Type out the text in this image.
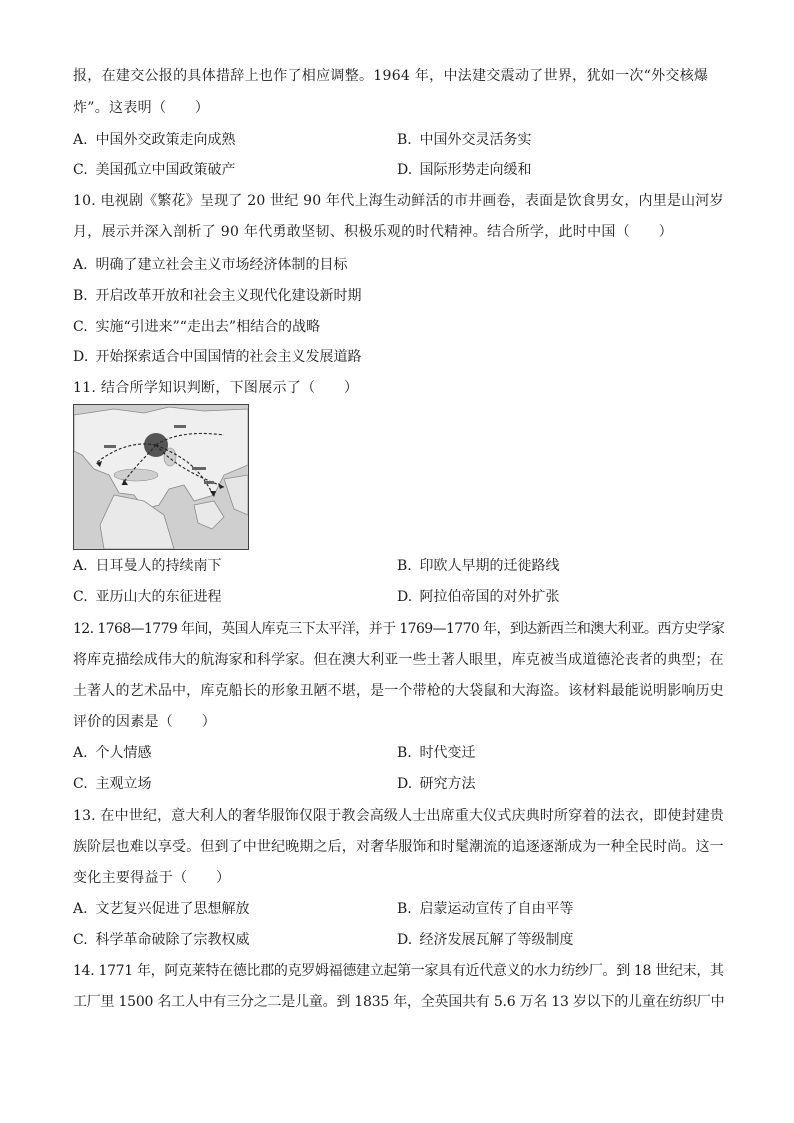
报，在建交公报的具体措辞上也作了相应调整。1964 年，中法建交震动了世界，犹如一次“外交核爆
炸”。这表明（　　）
A. 中国外交政策走向成熟	B. 中国外交灵活务实
C. 美国孤立中国政策破产	D. 国际形势走向缓和
10. 电视剧《繁花》呈现了 20 世纪 90 年代上海生动鲜活的市井画卷，表面是饮食男女，内里是山河岁
月，展示并深入剖析了 90 年代勇敢坚韧、积极乐观的时代精神。结合所学，此时中国（　　）
A. 明确了建立社会主义市场经济体制的目标
B. 开启改革开放和社会主义现代化建设新时期
C. 实施“引进来”“走出去”相结合的战略
D. 开始探索适合中国国情的社会主义发展道路
11. 结合所学知识判断，下图展示了（　　）
A. 日耳曼人的持续南下	B. 印欧人早期的迁徙路线
C. 亚历山大的东征进程	D. 阿拉伯帝国的对外扩张
12. 1768—1779 年间，英国人库克三下太平洋，并于 1769—1770 年，到达新西兰和澳大利亚。西方史学家
将库克描绘成伟大的航海家和科学家。但在澳大利亚一些土著人眼里，库克被当成道德沦丧者的典型；在
土著人的艺术品中，库克船长的形象丑陋不堪，是一个带枪的大袋鼠和大海盗。该材料最能说明影响历史
评价的因素是（　　）
A. 个人情感	B. 时代变迁
C. 主观立场	D. 研究方法
13. 在中世纪，意大利人的奢华服饰仅限于教会高级人士出席重大仪式庆典时所穿着的法衣，即使封建贵
族阶层也难以享受。但到了中世纪晚期之后，对奢华服饰和时髦潮流的追逐逐渐成为一种全民时尚。这一
变化主要得益于（　　）
A. 文艺复兴促进了思想解放	B. 启蒙运动宣传了自由平等
C. 科学革命破除了宗教权威	D. 经济发展瓦解了等级制度
14. 1771 年，阿克莱特在德比郡的克罗姆福德建立起第一家具有近代意义的水力纺纱厂。到 18 世纪末，其
工厂里 1500 名工人中有三分之二是儿童。到 1835 年，全英国共有 5.6 万名 13 岁以下的儿童在纺织厂中
